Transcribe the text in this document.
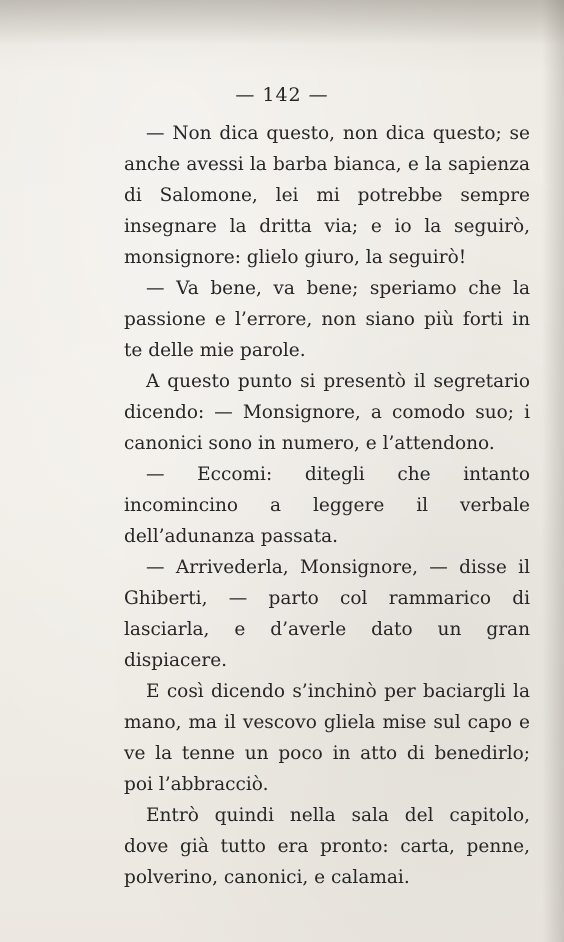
— 142 —

— Non dica questo, non dica questo; se anche avessi la barba bianca, e la sapienza di Salomone, lei mi potrebbe sempre insegnare la dritta via; e io la seguirò, monsignore: glielo giuro, la seguirò!

— Va bene, va bene; speriamo che la passione e l’errore, non siano più forti in te delle mie parole.

A questo punto si presentò il segretario dicendo: — Monsignore, a comodo suo; i canonici sono in numero, e l’attendono.

— Eccomi: ditegli che intanto incomincino a leggere il verbale dell’adunanza passata.

— Arrivederla, Monsignore, — disse il Ghiberti, — parto col rammarico di lasciarla, e d’averle dato un gran dispiacere.

E così dicendo s’inchinò per baciargli la mano, ma il vescovo gliela mise sul capo e ve la tenne un poco in atto di benedirlo; poi l’abbracciò.

Entrò quindi nella sala del capitolo, dove già tutto era pronto: carta, penne, polverino, canonici, e calamai.
